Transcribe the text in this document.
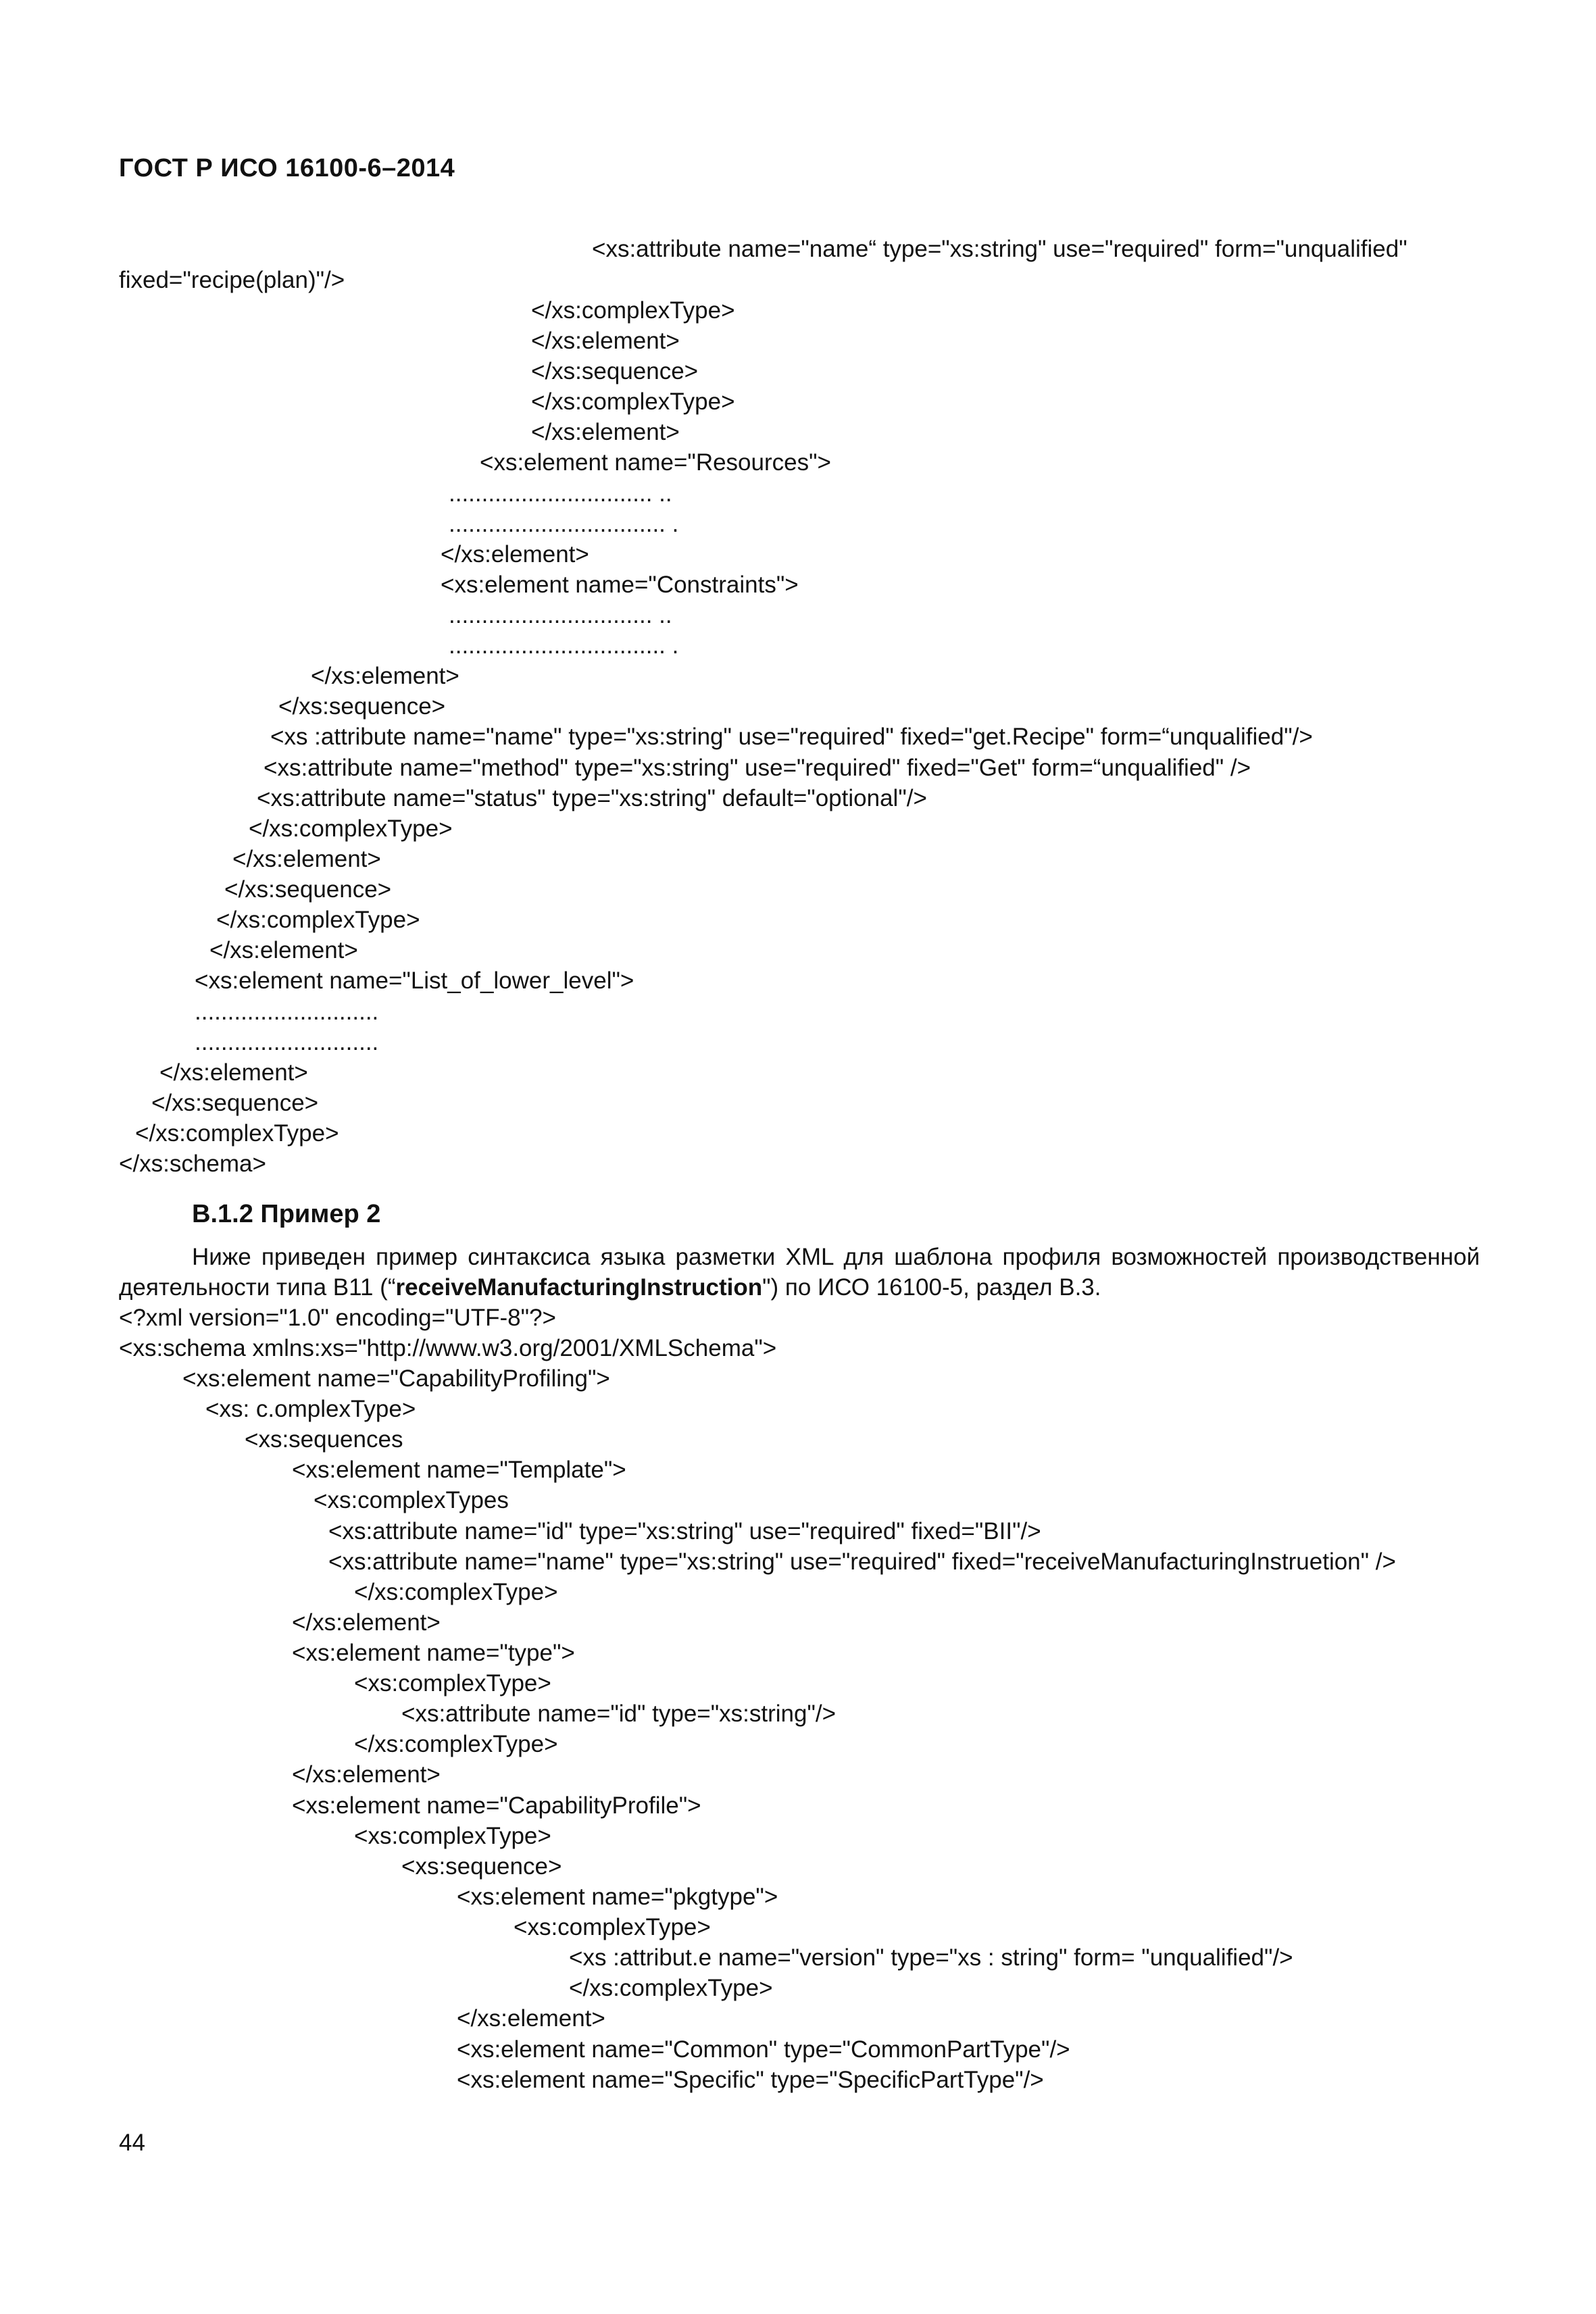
ГОСТ Р ИСО 16100-6–2014
<xs:attribute name="name“ type="xs:string" use="required" form="unqualified"
fixed="recipe(plan)"/>
</xs:complexType>
</xs:element>
</xs:sequence>
</xs:complexType>
</xs:element>
<xs:element name="Resources">
............................... ..
................................. .
</xs:element>
<xs:element name="Constraints">
............................... ..
................................. .
</xs:element>
</xs:sequence>
<xs :attribute name="name" type="xs:string" use="required" fixed="get.Recipe" form=“unqualified"/>
<xs:attribute name="method" type="xs:string" use="required" fixed="Get" form=“unqualified" />
<xs:attribute name="status" type="xs:string" default="optional"/>
</xs:complexType>
</xs:element>
</xs:sequence>
</xs:complexType>
</xs:element>
<xs:element name="List_of_lower_level">
............................
............................
</xs:element>
</xs:sequence>
</xs:complexType>
</xs:schema>
<?xml version="1.0" encoding="UTF-8"?>
<xs:schema xmlns:xs="http://www.w3.org/2001/XMLSchema">
<xs:element name="CapabilityProfiling">
<xs: c.omplexType>
<xs:sequences
<xs:element name="Template">
<xs:complexTypes
<xs:attribute name="id" type="xs:string" use="required" fixed="BII"/>
<xs:attribute name="name" type="xs:string" use="required" fixed="receiveManufacturingInstruetion" />
</xs:complexType>
</xs:element>
<xs:element name="type">
<xs:complexType>
<xs:attribute name="id" type="xs:string"/>
</xs:complexType>
</xs:element>
<xs:element name="CapabilityProfile">
<xs:complexType>
<xs:sequence>
<xs:element name="pkgtype">
<xs:complexType>
<xs :attribut.e name="version" type="xs : string" form= "unqualified"/>
</xs:complexType>
</xs:element>
<xs:element name="Common" type="CommonPartType"/>
<xs:element name="Specific" type="SpecificPartType"/>
B.1.2 Пример 2
Ниже приведен пример синтаксиса языка разметки XML для шаблона профиля возможностей производственной деятельности типа B11 (“receiveManufacturingInstruction") по ИСО 16100-5, раздел B.3.
44
